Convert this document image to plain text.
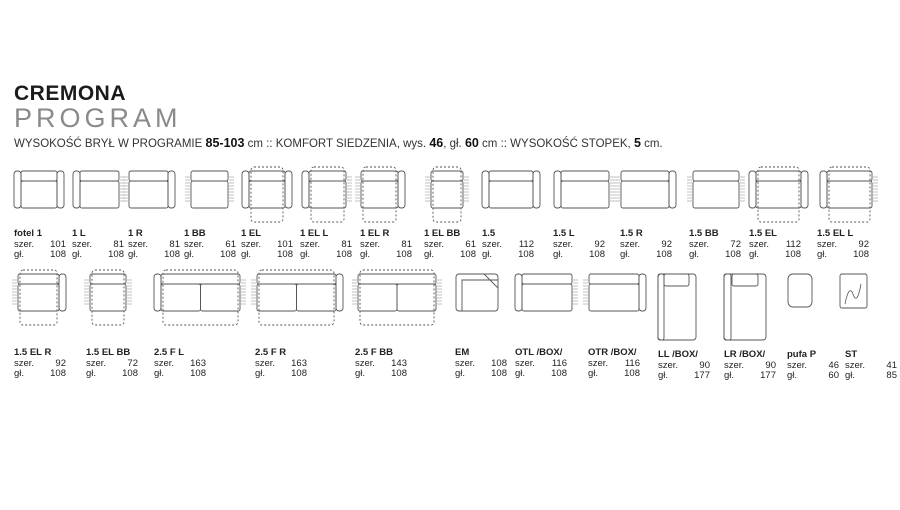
CREMONA
PROGRAM
WYSOKOŚĆ BRYŁ W PROGRAMIE 85-103 cm :: KOMFORT SIEDZENIA, wys. 46, gł. 60 cm :: WYSOKOŚĆ STOPEK, 5 cm.
fotel 1
szer. 101
gł.	108
1 L
szer. 81
gł.	108
1 R
szer. 81
gł.	108
1 BB
szer. 61
gł.	108
1 EL
szer. 101
gł.	108
1 EL L
szer. 81
gł.	108
1 EL R
szer. 81
gł.	108
1 EL BB
szer. 61
gł.	108
1.5
szer. 112
gł.	108
1.5 L
szer. 92
gł.	108
1.5 R
szer. 92
gł.	108
1.5 BB
szer. 72
gł.	108
1.5 EL
szer. 112
gł.	108
1.5 EL L
szer. 92
gł.	108
1.5 EL R
szer. 92
gł.	108
1.5 EL BB
szer. 72
gł.	108
2.5 F L
szer. 163
gł.	108
2.5 F R
szer. 163
gł.	108
2.5 F BB
szer. 143
gł.	108
EM
szer. 108
gł.	108
OTL /BOX/
szer. 116
gł.	108
OTR /BOX/
szer. 116
gł.	108
LL /BOX/
szer. 90
gł.	177
LR /BOX/
szer. 90
gł.	177
pufa P
szer. 46
gł.	60
ST
szer. 41
gł.	85
